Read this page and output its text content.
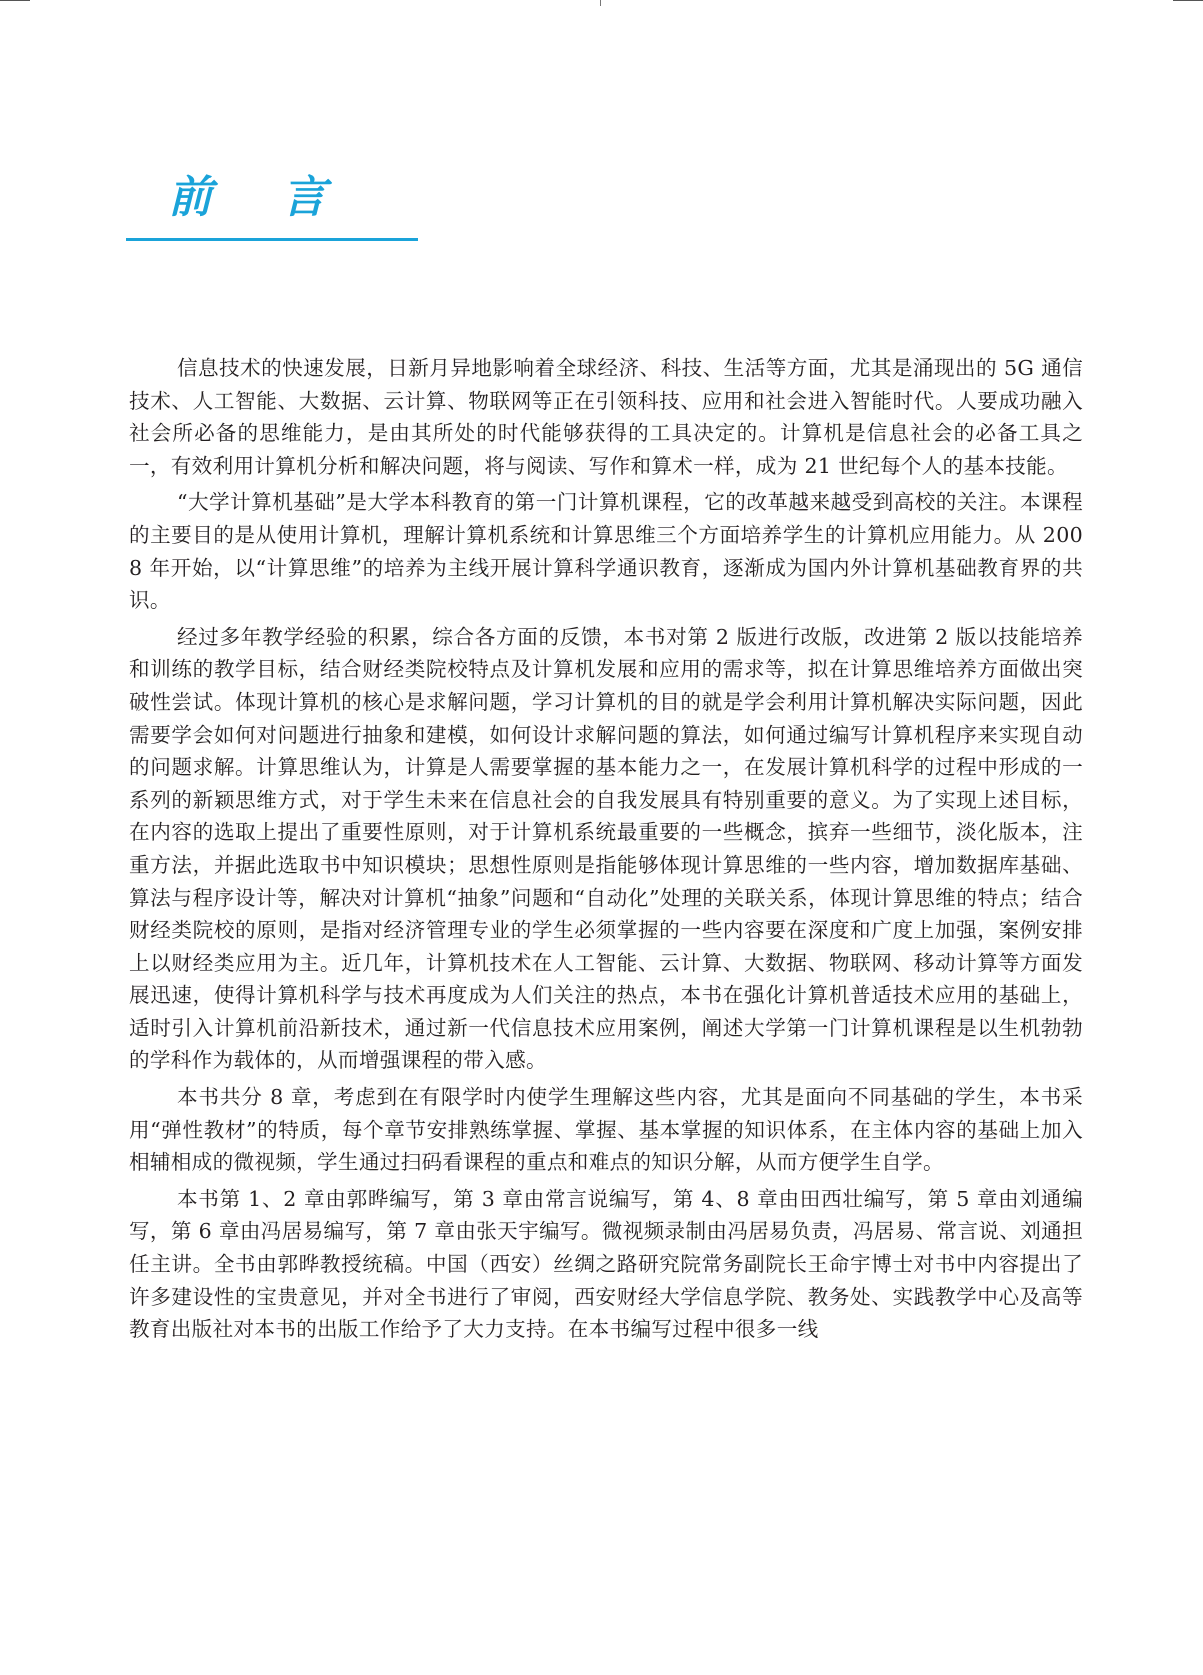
前言

信息技术的快速发展，日新月异地影响着全球经济、科技、生活等方面，尤其是涌现出的 5G 通信技术、人工智能、大数据、云计算、物联网等正在引领科技、应用和社会进入智能时代。人要成功融入社会所必备的思维能力，是由其所处的时代能够获得的工具决定的。计算机是信息社会的必备工具之一，有效利用计算机分析和解决问题，将与阅读、写作和算术一样，成为 21 世纪每个人的基本技能。

“大学计算机基础”是大学本科教育的第一门计算机课程，它的改革越来越受到高校的关注。本课程的主要目的是从使用计算机，理解计算机系统和计算思维三个方面培养学生的计算机应用能力。从 2008 年开始，以“计算思维”的培养为主线开展计算科学通识教育，逐渐成为国内外计算机基础教育界的共识。

经过多年教学经验的积累，综合各方面的反馈，本书对第 2 版进行改版，改进第 2 版以技能培养和训练的教学目标，结合财经类院校特点及计算机发展和应用的需求等，拟在计算思维培养方面做出突破性尝试。体现计算机的核心是求解问题，学习计算机的目的就是学会利用计算机解决实际问题，因此需要学会如何对问题进行抽象和建模，如何设计求解问题的算法，如何通过编写计算机程序来实现自动的问题求解。计算思维认为，计算是人需要掌握的基本能力之一，在发展计算机科学的过程中形成的一系列的新颖思维方式，对于学生未来在信息社会的自我发展具有特别重要的意义。为了实现上述目标，在内容的选取上提出了重要性原则，对于计算机系统最重要的一些概念，摈弃一些细节，淡化版本，注重方法，并据此选取书中知识模块；思想性原则是指能够体现计算思维的一些内容，增加数据库基础、算法与程序设计等，解决对计算机“抽象”问题和“自动化”处理的关联关系，体现计算思维的特点；结合财经类院校的原则，是指对经济管理专业的学生必须掌握的一些内容要在深度和广度上加强，案例安排上以财经类应用为主。近几年，计算机技术在人工智能、云计算、大数据、物联网、移动计算等方面发展迅速，使得计算机科学与技术再度成为人们关注的热点，本书在强化计算机普适技术应用的基础上，适时引入计算机前沿新技术，通过新一代信息技术应用案例，阐述大学第一门计算机课程是以生机勃勃的学科作为载体的，从而增强课程的带入感。

本书共分 8 章，考虑到在有限学时内使学生理解这些内容，尤其是面向不同基础的学生，本书采用“弹性教材”的特质，每个章节安排熟练掌握、掌握、基本掌握的知识体系，在主体内容的基础上加入相辅相成的微视频，学生通过扫码看课程的重点和难点的知识分解，从而方便学生自学。

本书第 1、2 章由郭晔编写，第 3 章由常言说编写，第 4、8 章由田西壮编写，第 5 章由刘通编写，第 6 章由冯居易编写，第 7 章由张天宇编写。微视频录制由冯居易负责，冯居易、常言说、刘通担任主讲。全书由郭晔教授统稿。中国（西安）丝绸之路研究院常务副院长王命宇博士对书中内容提出了许多建设性的宝贵意见，并对全书进行了审阅，西安财经大学信息学院、教务处、实践教学中心及高等教育出版社对本书的出版工作给予了大力支持。在本书编写过程中很多一线
